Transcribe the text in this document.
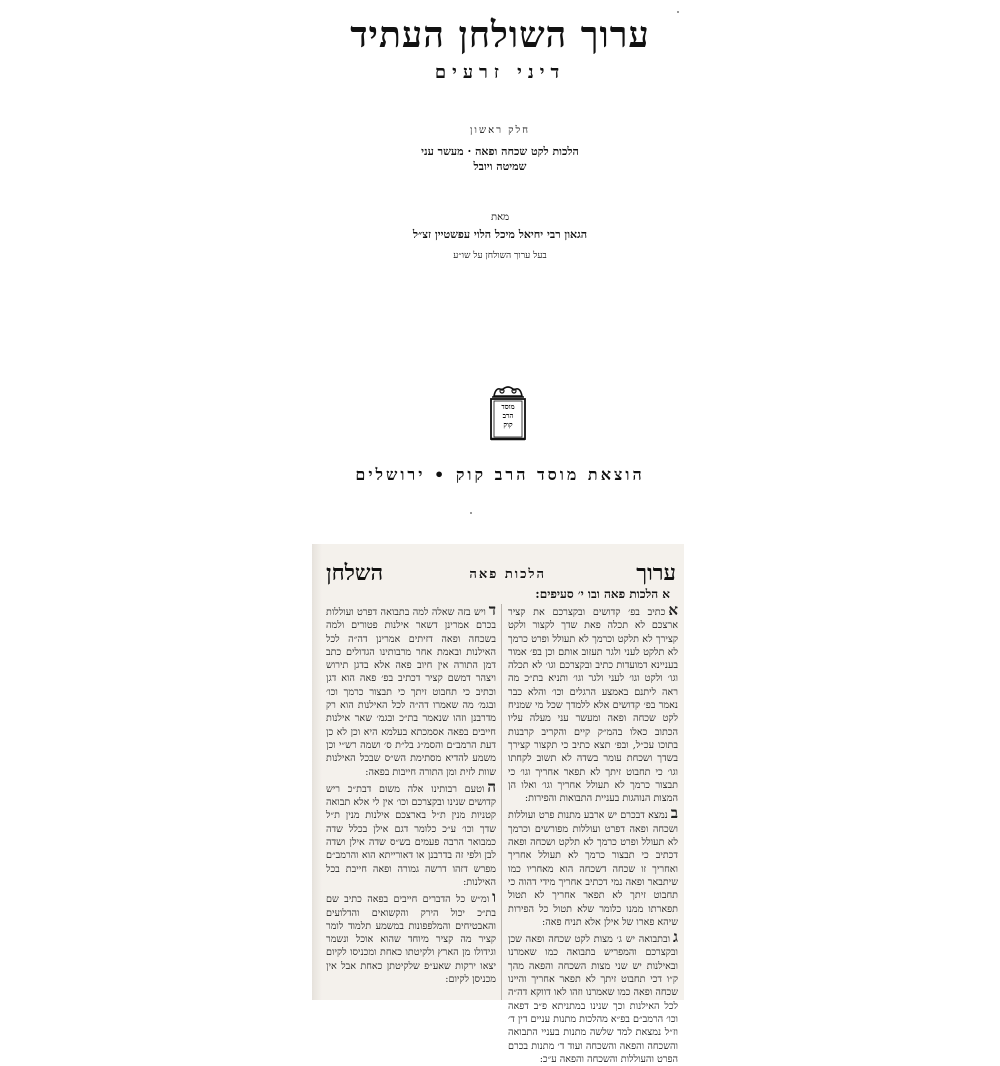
ערוך השולחן העתיד
דיני זרעים
חלק ראשון
הלכות לקט שכחה ופאה · מעשר עני
שמיטה ויובל
מאת
הגאון רבי יחיאל מיכל הלוי עפשטיין זצ״ל
בעל ערוך השולחן על שו״ע
מוסד
הרב
קוק
הוצאת מוסד הרב קוק • ירושלים
ערוך
הלכות פאה
השלחן
א הלכות פאה ובו י׳ סעיפים:

אכתיב בפ׳ קדושים ובקצרכם את קציר ארצכם לא תכלה פאת שדך לקצור ולקט קצירך לא תלקט וכרמך לא תעולל ופרט כרמך לא תלקט לעני ולגר תעזוב אותם וכן בפ׳ אמור בעניינא דמועדות כתיב ובקצרכם וגו׳ לא תכלה וגו׳ ולקט וגו׳ לעני ולגר וגו׳ ותניא בת״כ מה ראה ליתנם באמצע הרגלים וכו׳ והלא כבר נאמר בפ׳ קדושים אלא ללמדך שכל מי שמניח לקט שכחה ופאה ומעשר עני מעלה עליו הכתוב כאלו בהמ״ק קיים והקריב קרבנות בתוכו עכ״ל, ובפ׳ תצא כתיב כי תקצור קצירך בשדך ושכחת עומר בשדה לא תשוב לקחתו וגו׳ כי תחבוט זיתך לא תפאר אחריך וגו׳ כי תבצור כרמך לא תעולל אחריך וגו׳ ואלו הן המצות הנוהגות בעניית התבואות והפירות:

בנמצא דבכרם יש ארבע מתנות פרט ועוללות ושכחה ופאה דפרט ועוללות מפורשים וכרמך לא תעולל ופרט כרמך לא תלקט ושכחה ופאה דכתיב כי תבצור כרמך לא תעולל אחריך ואחריך זו שכחה דשכחה הוא מאחריו כמו שיתבאר ופאה נמי דכתיב אחריך מידי דהוה כי תחבוט זיתך לא תפאר אחריך לא תטול תפארתו ממנו כלומר שלא תטול כל הפירות שיהא פארו של אילן אלא תניח פאה:

גובתבואה יש ג׳ מצות לקט שכחה ופאה שכן ובקצרכם והמפריש בתבואה כמו שאמרנו ובאילנות יש שני מצות השכחה והפאה מהך ק״ו דכי תחבוט זיתך לא תפאר אחריך והיינו שכחה ופאה כמו שאמרנו וזהו לאו דווקא דה״ה לכל האילנות וכך שנינו במתניתא פ״ב דפאה וכו׳ הרמב״ם בפ״א מהלכות מתנות עניים דין ד׳ וז״ל נמצאת למד שלשה מתנות בעניי התבואה והשכחה והפאה והשכחה ועוד ד׳ מתנות בכרם הפרט והעוללות והשכחה והפאה ע״כ:

דויש בזה שאלה למה בתבואה דפרט ועוללות בכרם אמרינן דשאר אילנות פטורים ולמה בשכחה ופאה דזיתים אמרינן דה״ה לכל האילנות ובאמת אחר מרבותינו הגדולים כתב דמן התורה אין חיוב פאה אלא בדגן תירוש ויצהר דמשם קציר דכתיב בפ׳ פאה הוא דגן וכתיב כי תחבוט זיתך כי תבצור כרמך וכו׳ ובגמ׳ מה שאמרו דה״ה לכל האילנות הוא רק מדרבנן וזהו שנאמר בת״כ ובגמ׳ שאר אילנות חייבים בפאה אסמכתא בעלמא היא וכן לא כן דעת הרמב״ם והסמ״ג בל״ת ס׳ ושמה רש״י וכן משמע להדיא מסתימת הש״ס שבכל האילנות שוות לזית ומן התורה חייבות בפאה:

הוטעם רבותינו אלה משום דבת״כ ריש קדושים שנינו ובקצרכם וכו׳ אין לי אלא תבואה קטניות מנין ת״ל בארצכם אילנות מנין ת״ל שדך וכו׳ ע״כ כלומר דגם אילן בכלל שדה כמבואר הרבה פעמים בש״ס שדה אילן ושדה לבן ולפי זה בדרבנן או דאורייתא הוא והרמב״ם מפרש דזהו דרשה גמורה ופאה חייבת בכל האילנות:

וומ״ש כל הדברים חייבים בפאה כתיב שם בת״כ יכול הירק והקשואים והדלועים והאבטיחים והמלפפונות במשמע תלמוד לומר קציר מה קציר מיוחד שהוא אוכל ונשמר וגידולו מן הארץ ולקיטתו כאחת ומכניסו לקיום יצאו ירקות שאע״פ שלקיטתן כאחת אבל אין מכניסן לקיום:
